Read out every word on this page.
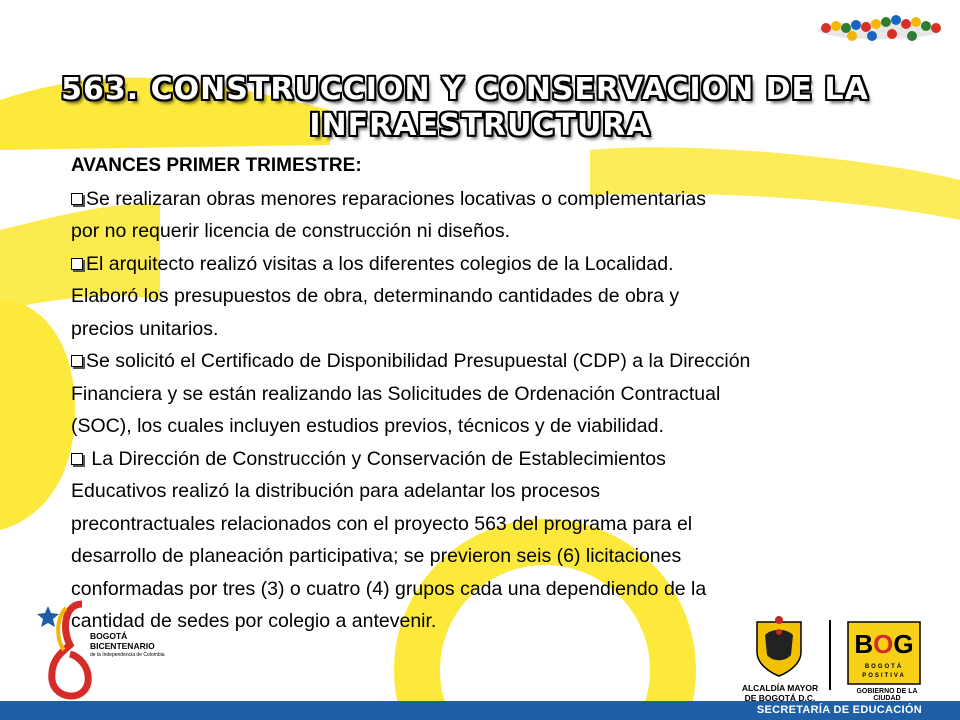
BOG
BOGOTÁ
POSITIVA
563. CONSTRUCCION Y CONSERVACION DE LA
INFRAESTRUCTURA
AVANCES PRIMER TRIMESTRE:
Se realizaran obras menores reparaciones locativas o complementarias
por no requerir licencia de construcción ni diseños.
El arquitecto realizó visitas a los diferentes colegios de la Localidad.
Elaboró los presupuestos de obra, determinando cantidades de obra y
precios unitarios.
Se solicitó el Certificado de Disponibilidad Presupuestal (CDP) a la Dirección
Financiera y se están realizando las Solicitudes de Ordenación Contractual
(SOC), los cuales incluyen estudios previos, técnicos y de viabilidad.
La Dirección de Construcción y Conservación de Establecimientos
Educativos realizó la distribución para adelantar los procesos
precontractuales relacionados con el proyecto 563 del programa para el
desarrollo de planeación participativa; se previeron seis (6) licitaciones
conformadas por tres (3) o cuatro (4) grupos cada una dependiendo de la
cantidad de sedes por colegio a antevenir.
BOGOTÁ
BICENTENARIO
de la Independencia de Colombia
ALCALDÍA MAYOR
DE BOGOTÁ D.C.
GOBIERNO DE LA CIUDAD
SECRETARÍA DE EDUCACIÓN
